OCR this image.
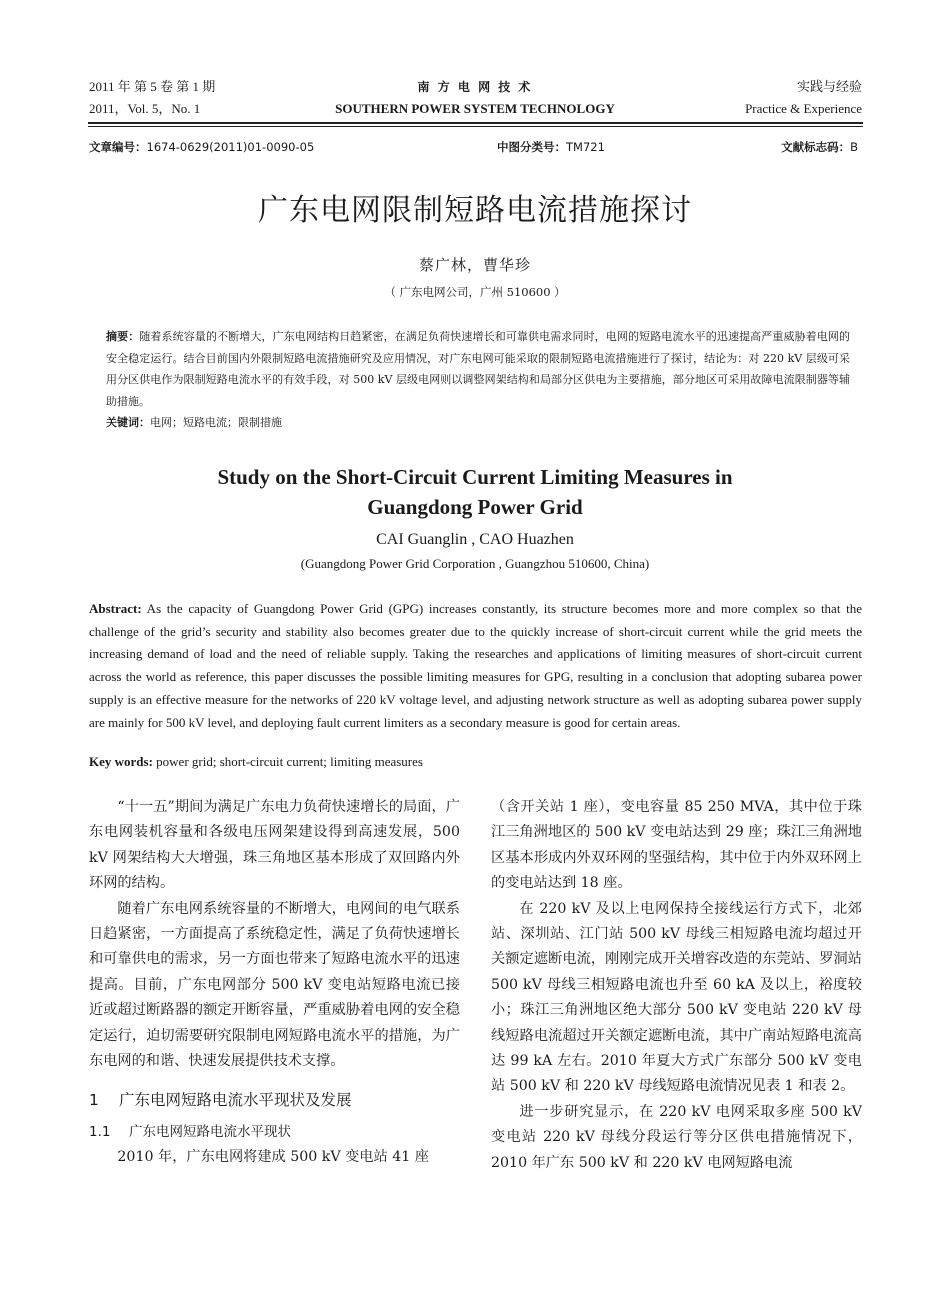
2011 年 第 5 卷 第 1 期
2011，Vol. 5，No. 1
南 方 电 网 技 术
SOUTHERN POWER SYSTEM TECHNOLOGY
实践与经验
Practice & Experience
文章编号：1674-0629(2011)01-0090-05	中图分类号：TM721	文献标志码：B
广东电网限制短路电流措施探讨
蔡广林，曹华珍
（ 广东电网公司，广州 510600 ）
摘要：随着系统容量的不断增大，广东电网结构日趋紧密，在满足负荷快速增长和可靠供电需求同时，电网的短路电流水平的迅速提高严重威胁着电网的安全稳定运行。结合目前国内外限制短路电流措施研究及应用情况，对广东电网可能采取的限制短路电流措施进行了探讨，结论为：对 220 kV 层级可采用分区供电作为限制短路电流水平的有效手段，对 500 kV 层级电网则以调整网架结构和局部分区供电为主要措施，部分地区可采用故障电流限制器等辅助措施。
关键词：电网；短路电流；限制措施
Study on the Short-Circuit Current Limiting Measures in
Guangdong Power Grid
CAI Guanglin , CAO Huazhen
(Guangdong Power Grid Corporation , Guangzhou 510600, China)
Abstract: As the capacity of Guangdong Power Grid (GPG) increases constantly, its structure becomes more and more complex so that the challenge of the grid’s security and stability also becomes greater due to the quickly increase of short-circuit current while the grid meets the increasing demand of load and the need of reliable supply. Taking the researches and applications of limiting measures of short-circuit current across the world as reference, this paper discusses the possible limiting measures for GPG, resulting in a conclusion that adopting subarea power supply is an effective measure for the networks of 220 kV voltage level, and adjusting network structure as well as adopting subarea power supply are mainly for 500 kV level, and deploying fault current limiters as a secondary measure is good for certain areas.
Key words: power grid; short-circuit current; limiting measures

“十一五”期间为满足广东电力负荷快速增长的局面，广东电网装机容量和各级电压网架建设得到高速发展，500 kV 网架结构大大增强，珠三角地区基本形成了双回路内外环网的结构。

随着广东电网系统容量的不断增大，电网间的电气联系日趋紧密，一方面提高了系统稳定性，满足了负荷快速增长和可靠供电的需求，另一方面也带来了短路电流水平的迅速提高。目前，广东电网部分 500 kV 变电站短路电流已接近或超过断路器的额定开断容量，严重威胁着电网的安全稳定运行，迫切需要研究限制电网短路电流水平的措施，为广东电网的和谐、快速发展提供技术支撑。

1 广东电网短路电流水平现状及发展
1.1 广东电网短路电流水平现状

2010 年，广东电网将建成 500 kV 变电站 41 座

（含开关站 1 座），变电容量 85 250 MVA，其中位于珠江三角洲地区的 500 kV 变电站达到 29 座；珠江三角洲地区基本形成内外双环网的坚强结构，其中位于内外双环网上的变电站达到 18 座。

在 220 kV 及以上电网保持全接线运行方式下，北郊站、深圳站、江门站 500 kV 母线三相短路电流均超过开关额定遮断电流，刚刚完成开关增容改造的东莞站、罗洞站 500 kV 母线三相短路电流也升至 60 kA 及以上，裕度较小；珠江三角洲地区绝大部分 500 kV 变电站 220 kV 母线短路电流超过开关额定遮断电流，其中广南站短路电流高达 99 kA 左右。2010 年夏大方式广东部分 500 kV 变电站 500 kV 和 220 kV 母线短路电流情况见表 1 和表 2。

进一步研究显示，在 220 kV 电网采取多座 500 kV 变电站 220 kV 母线分段运行等分区供电措施情况下，2010 年广东 500 kV 和 220 kV 电网短路电流
